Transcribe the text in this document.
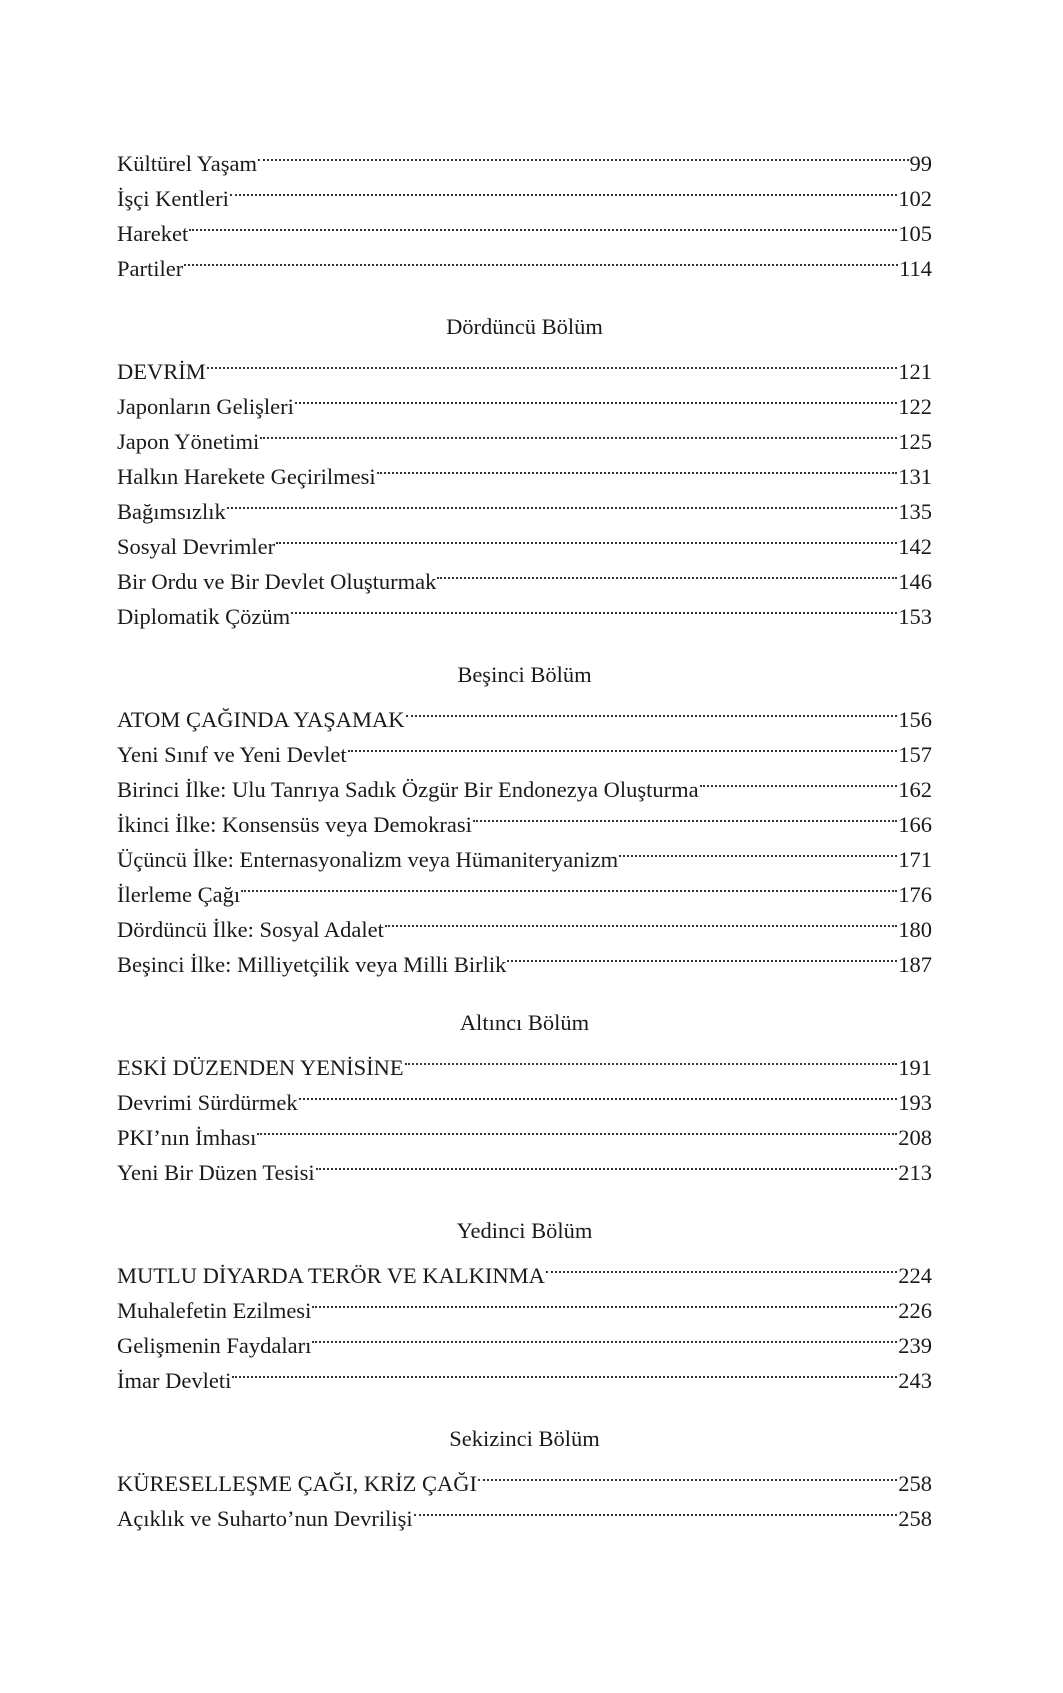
Kültürel Yaşam	99
İşçi Kentleri	102
Hareket	105
Partiler	114
Dördüncü Bölüm
DEVRİM	121
Japonların Gelişleri	122
Japon Yönetimi	125
Halkın Harekete Geçirilmesi	131
Bağımsızlık	135
Sosyal Devrimler	142
Bir Ordu ve Bir Devlet Oluşturmak	146
Diplomatik Çözüm	153
Beşinci Bölüm
ATOM ÇAĞINDA YAŞAMAK	156
Yeni Sınıf ve Yeni Devlet	157
Birinci İlke: Ulu Tanrıya Sadık Özgür Bir Endonezya Oluşturma	162
İkinci İlke: Konsensüs veya Demokrasi	166
Üçüncü İlke: Enternasyonalizm veya Hümaniteryanizm	171
İlerleme Çağı	176
Dördüncü İlke: Sosyal Adalet	180
Beşinci İlke: Milliyetçilik veya Milli Birlik	187
Altıncı Bölüm
ESKİ DÜZENDEN YENİSİNE	191
Devrimi Sürdürmek	193
PKI’nın İmhası	208
Yeni Bir Düzen Tesisi	213
Yedinci Bölüm
MUTLU DİYARDA TERÖR VE KALKINMA	224
Muhalefetin Ezilmesi	226
Gelişmenin Faydaları	239
İmar Devleti	243
Sekizinci Bölüm
KÜRESELLEŞME ÇAĞI, KRİZ ÇAĞI	258
Açıklık ve Suharto’nun Devrilişi	258
